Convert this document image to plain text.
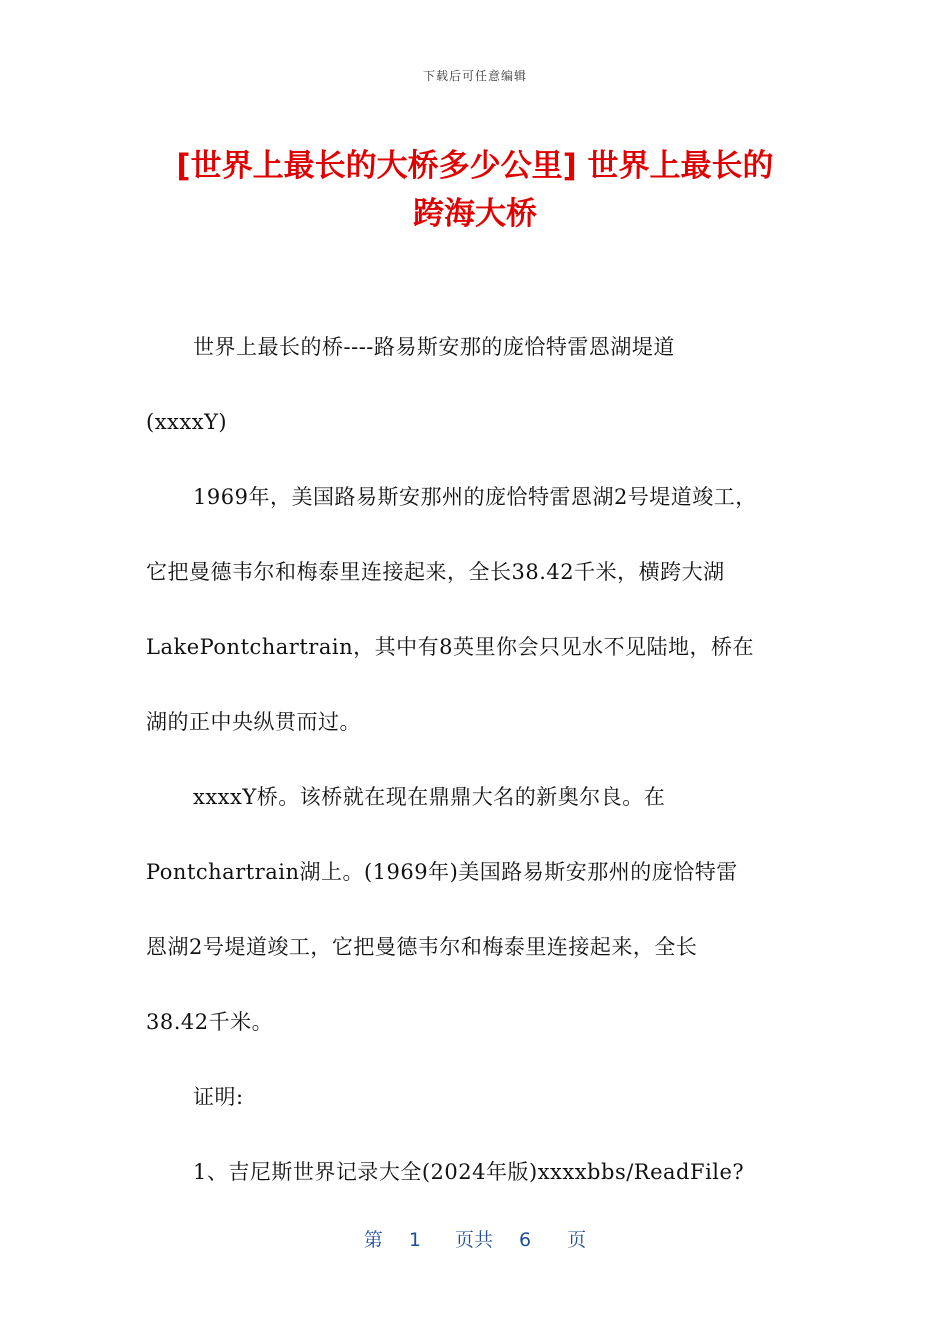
下载后可任意编辑
[世界上最长的大桥多少公里] 世界上最长的
跨海大桥
世界上最长的桥----路易斯安那的庞恰特雷恩湖堤道
(xxxxY)
1969年，美国路易斯安那州的庞恰特雷恩湖2号堤道竣工，
它把曼德韦尔和梅泰里连接起来，全长38.42千米，横跨大湖
LakePontchartrain，其中有8英里你会只见水不见陆地，桥在
湖的正中央纵贯而过。
xxxxY桥。该桥就在现在鼎鼎大名的新奥尔良。在
Pontchartrain湖上。(1969年)美国路易斯安那州的庞恰特雷
恩湖2号堤道竣工，它把曼德韦尔和梅泰里连接起来，全长
38.42千米。
证明:
1、吉尼斯世界记录大全(2024年版)xxxxbbs/ReadFile?
第 1 页共 6 页
